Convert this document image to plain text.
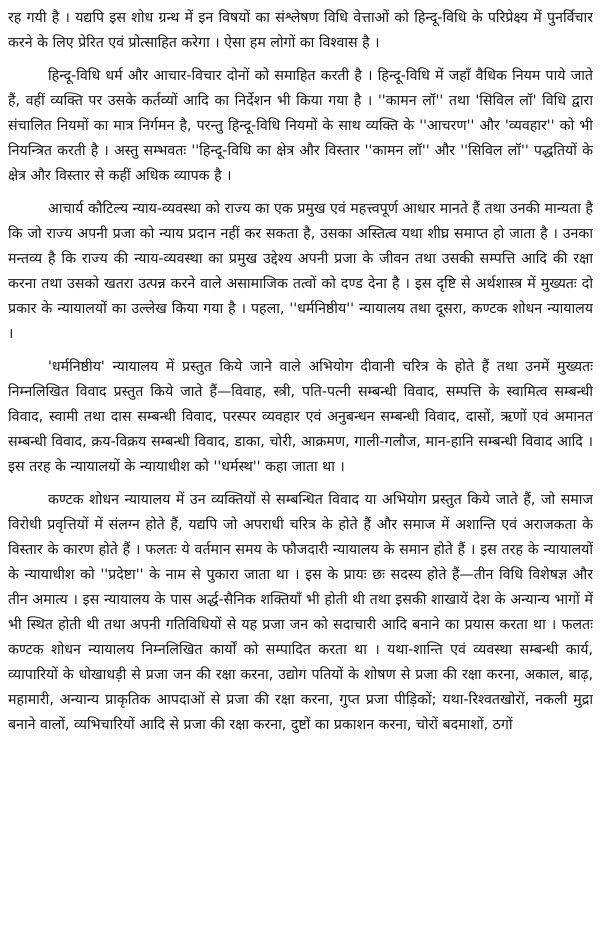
रह गयी है । यद्यपि इस शोध ग्रन्थ में इन विषयों का संश्लेषण विधि वेत्ताओं को हिन्दू-विधि के परिप्रेक्ष्य में पुनर्विचार करने के लिए प्रेरित एवं प्रोत्साहित करेगा । ऐसा हम लोगों का विश्वास है ।

हिन्दू-विधि धर्म और आचार-विचार दोनों को समाहित करती है । हिन्दू-विधि में जहाँ वैधिक नियम पाये जाते हैं, वहीं व्यक्ति पर उसके कर्तव्यों आदि का निर्देशन भी किया गया है । ''कामन लॉ'' तथा 'सिविल लॉ' विधि द्वारा संचालित नियमों का मात्र निर्गमन है, परन्तु हिन्दू-विधि नियमों के साथ व्यक्ति के ''आचरण'' और 'व्यवहार'' को भी नियन्त्रित करती है । अस्तु सम्भवतः ''हिन्दू-विधि का क्षेत्र और विस्तार ''कामन लॉ'' और ''सिविल लॉ'' पद्धतियों के क्षेत्र और विस्तार से कहीं अधिक व्यापक है ।

आचार्य कौटिल्य न्याय-व्यवस्था को राज्य का एक प्रमुख एवं महत्त्वपूर्ण आधार मानते हैं तथा उनकी मान्यता है कि जो राज्य अपनी प्रजा को न्याय प्रदान नहीं कर सकता है, उसका अस्तित्व यथा शीघ्र समाप्त हो जाता है । उनका मन्तव्य है कि राज्य की न्याय-व्यवस्था का प्रमुख उद्देश्य अपनी प्रजा के जीवन तथा उसकी सम्पत्ति आदि की रक्षा करना तथा उसको खतरा उत्पन्न करने वाले असामाजिक तत्वों को दण्ड देना है । इस दृष्टि से अर्थशास्त्र में मुख्यतः दो प्रकार के न्यायालयों का उल्लेख किया गया है । पहला, ''धर्मनिष्ठीय'' न्यायालय तथा दूसरा, कण्टक शोधन न्यायालय ।

'धर्मनिष्ठीय' न्यायालय में प्रस्तुत किये जाने वाले अभियोग दीवानी चरित्र के होते हैं तथा उनमें मुख्यतः निम्नलिखित विवाद प्रस्तुत किये जाते हैं—विवाह, स्त्री, पति-पत्नी सम्बन्धी विवाद, सम्पत्ति के स्वामित्व सम्बन्धी विवाद, स्वामी तथा दास सम्बन्धी विवाद, परस्पर व्यवहार एवं अनुबन्धन सम्बन्धी विवाद, दासों, ऋणों एवं अमानत सम्बन्धी विवाद, क्रय-विक्रय सम्बन्धी विवाद, डाका, चोरी, आक्रमण, गाली-गलौज, मान-हानि सम्बन्धी विवाद आदि । इस तरह के न्यायालयों के न्यायाधीश को ''धर्मस्थ'' कहा जाता था ।

कण्टक शोधन न्यायालय में उन व्यक्तियों से सम्बन्धित विवाद या अभियोग प्रस्तुत किये जाते हैं, जो समाज विरोधी प्रवृत्तियों में संलग्न होते हैं, यद्यपि जो अपराधी चरित्र के होते हैं और समाज में अशान्ति एवं अराजकता के विस्तार के कारण होते हैं । फलतः ये वर्तमान समय के फौजदारी न्यायालय के समान होते हैं । इस तरह के न्यायालयों के न्यायाधीश को ''प्रदेष्टा'' के नाम से पुकारा जाता था । इस के प्रायः छः सदस्य होते हैं—तीन विधि विशेषज्ञ और तीन अमात्य । इस न्यायालय के पास अर्द्ध-सैनिक शक्तियाँ भी होती थी तथा इसकी शाखायें देश के अन्यान्य भागों में भी स्थित होती थी तथा अपनी गतिविधियों से यह प्रजा जन को सदाचारी आदि बनाने का प्रयास करता था । फलतः कण्टक शोधन न्यायालय निम्नलिखित कार्यों को सम्पादित करता था । यथा-शान्ति एवं व्यवस्था सम्बन्धी कार्य, व्यापारियों के धोखाधड़ी से प्रजा जन की रक्षा करना, उद्योग पतियों के शोषण से प्रजा की रक्षा करना, अकाल, बाढ़, महामारी, अन्यान्य प्राकृतिक आपदाओं से प्रजा की रक्षा करना, गुप्त प्रजा पीड़िकों; यथा-रिश्वतखोरों, नकली मुद्रा बनाने वालों, व्यभिचारियों आदि से प्रजा की रक्षा करना, दुष्टों का प्रकाशन करना, चोरों बदमाशों, ठगों
